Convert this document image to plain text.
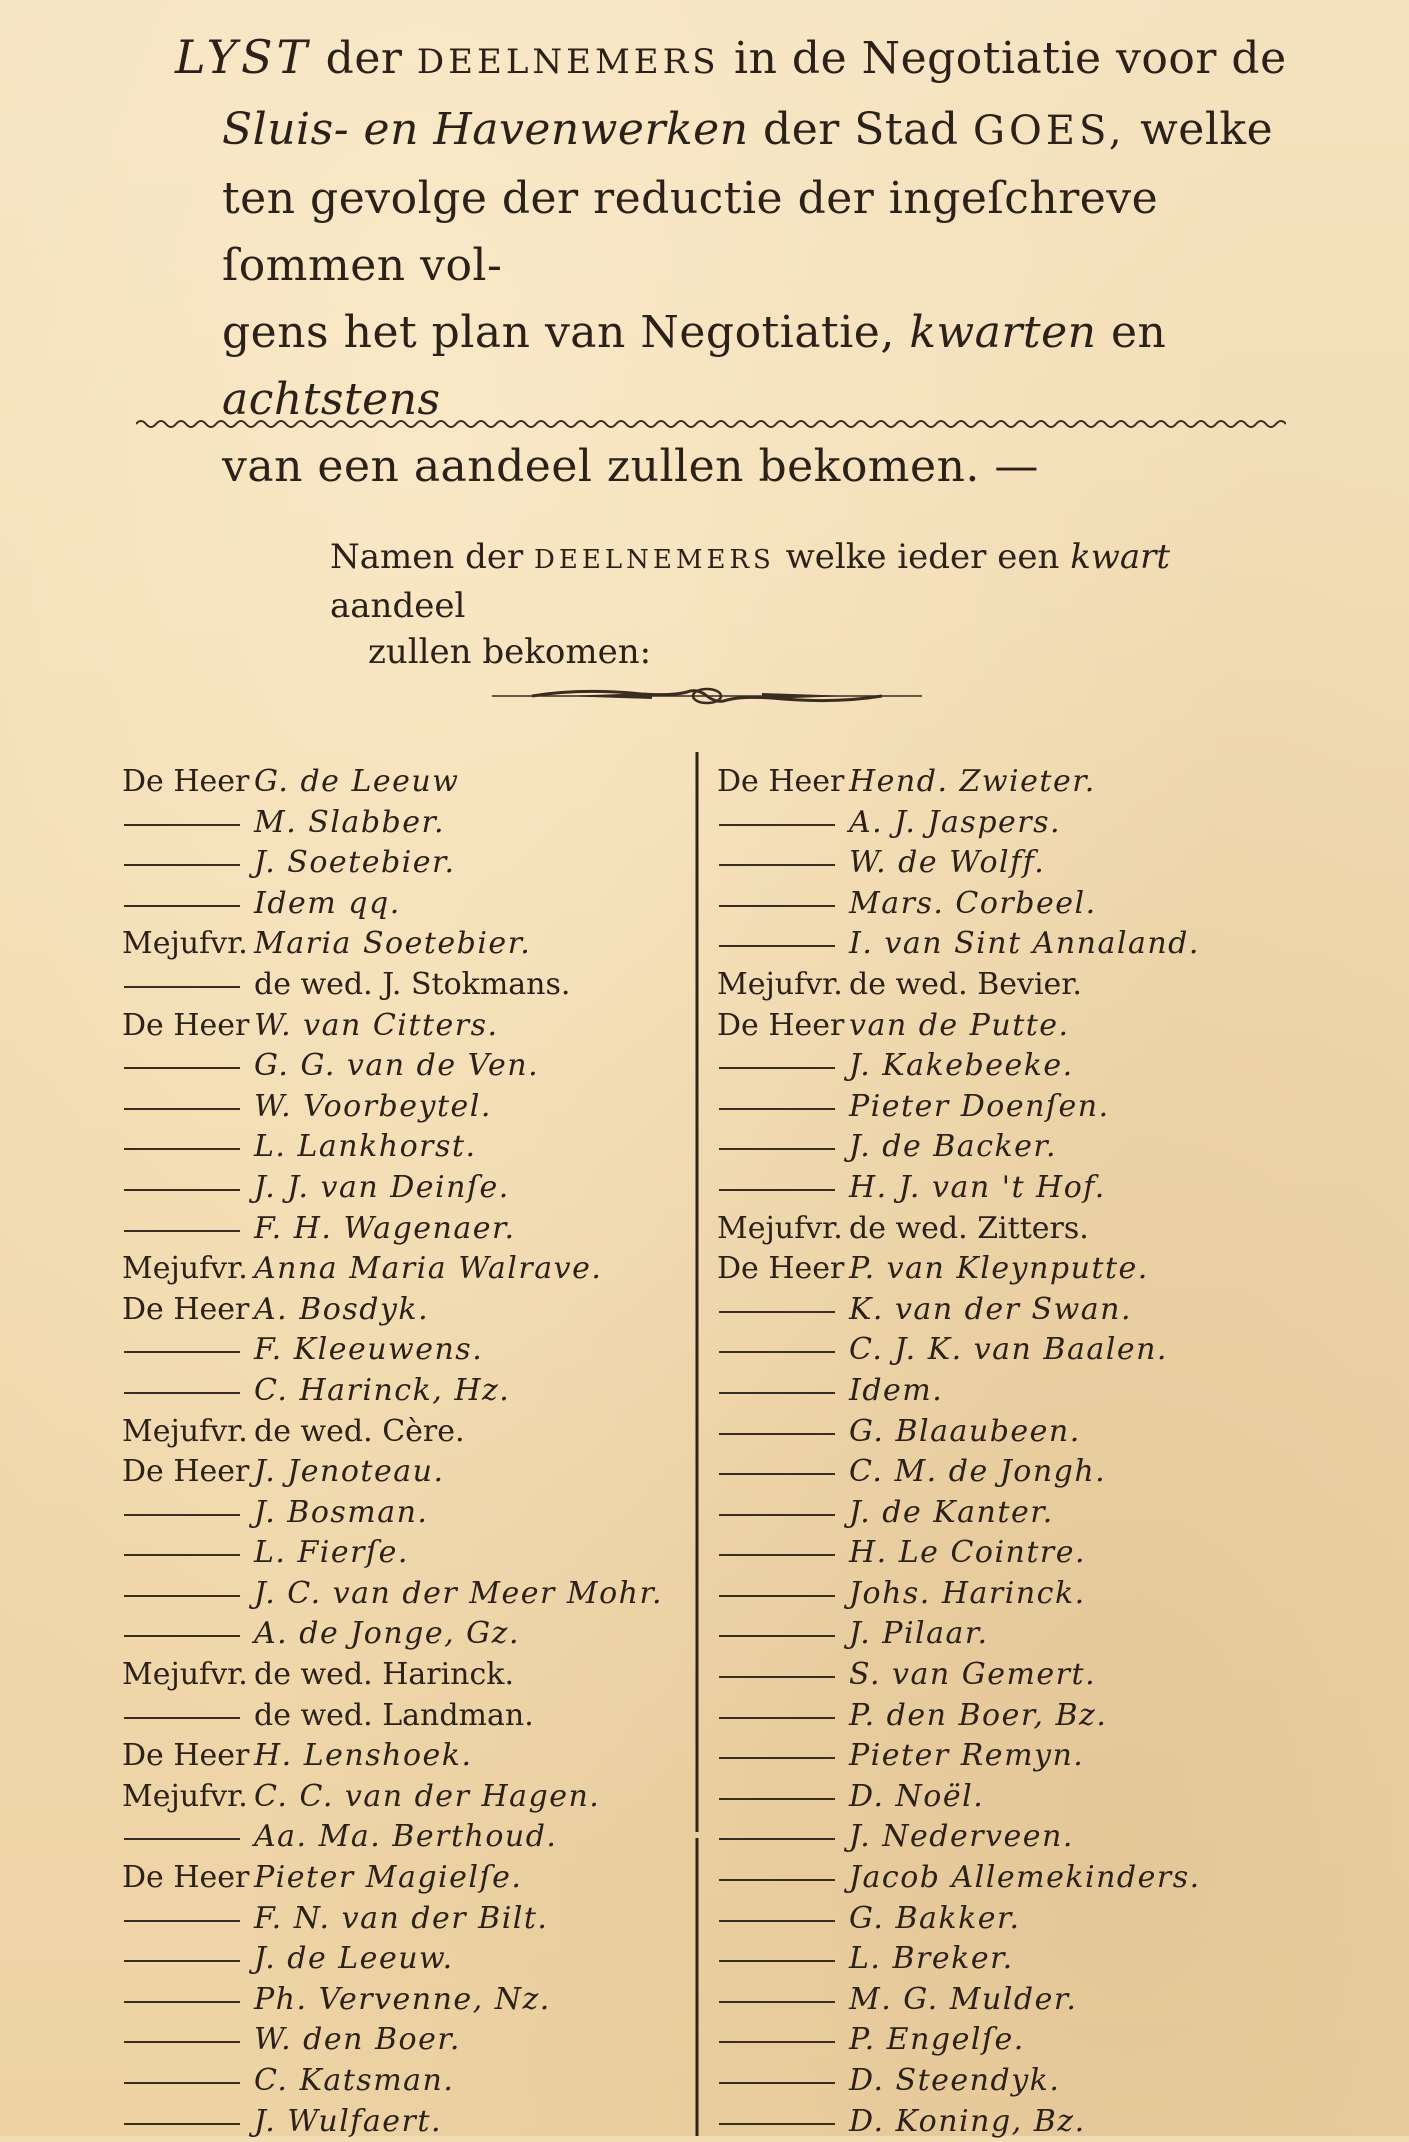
LYST der DEELNEMERS in de Negotiatie voor de

Sluis- en Havenwerken der Stad GOES, welke

ten gevolge der reductie der ingeſchreve ſommen vol-

gens het plan van Negotiatie, kwarten en achtstens

van een aandeel zullen bekomen. —

Namen der DEELNEMERS welke ieder een kwart aandeel

zullen bekomen:

De Heer G. de Leeuw
M. Slabber.
J. Soetebier.
Idem qq.
Mejufvr. Maria Soetebier.
de wed. J. Stokmans.
De Heer W. van Citters.
G. G. van de Ven.
W. Voorbeytel.
L. Lankhorst.
J. J. van Deinſe.
F. H. Wagenaer.
Mejufvr. Anna Maria Walrave.
De Heer A. Bosdyk.
F. Kleeuwens.
C. Harinck, Hz.
Mejufvr. de wed. Cère.
De Heer J. Jenoteau.
J. Bosman.
L. Fierſe.
J. C. van der Meer Mohr.
A. de Jonge, Gz.
Mejufvr. de wed. Harinck.
de wed. Landman.
De Heer H. Lenshoek.
Mejufvr. C. C. van der Hagen.
Aa. Ma. Berthoud.
De Heer Pieter Magielſe.
F. N. van der Bilt.
J. de Leeuw.
Ph. Vervenne, Nz.
W. den Boer.
C. Katsman.
J. Wulfaert.
De Heer Hend. Zwieter.
A. J. Jaspers.
W. de Wolff.
Mars. Corbeel.
I. van Sint Annaland.
Mejufvr. de wed. Bevier.
De Heer van de Putte.
J. Kakebeeke.
Pieter Doenſen.
J. de Backer.
H. J. van 't Hof.
Mejufvr. de wed. Zitters.
De Heer P. van Kleynputte.
K. van der Swan.
C. J. K. van Baalen.
Idem.
G. Blaaubeen.
C. M. de Jongh.
J. de Kanter.
H. Le Cointre.
Johs. Harinck.
J. Pilaar.
S. van Gemert.
P. den Boer, Bz.
Pieter Remyn.
D. Noël.
J. Nederveen.
Jacob Allemekinders.
G. Bakker.
L. Breker.
M. G. Mulder.
P. Engelſe.
D. Steendyk.
D. Koning, Bz.
